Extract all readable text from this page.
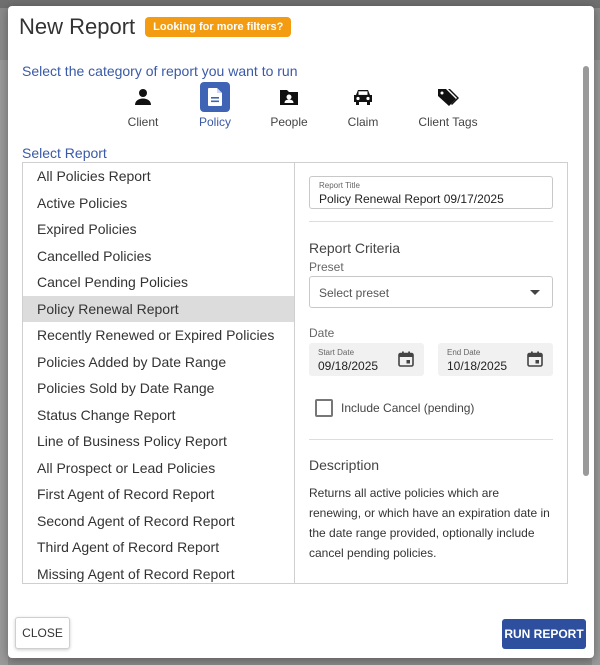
New Report	Looking for more filters?
Select the category of report you want to run
Client	Policy	People	Claim	Client Tags
Select Report
All Policies Report
Active Policies
Expired Policies
Cancelled Policies
Cancel Pending Policies
Policy Renewal Report
Recently Renewed or Expired Policies
Policies Added by Date Range
Policies Sold by Date Range
Status Change Report
Line of Business Policy Report
All Prospect or Lead Policies
First Agent of Record Report
Second Agent of Record Report
Third Agent of Record Report
Missing Agent of Record Report
Report Title
Policy Renewal Report 09/17/2025
Report Criteria
Preset
Select preset
Date
Start Date
09/18/2025
End Date
10/18/2025
Include Cancel (pending)
Description
Returns all active policies which are renewing, or which have an expiration date in the date range provided, optionally include cancel pending policies.
CLOSE	RUN REPORT
